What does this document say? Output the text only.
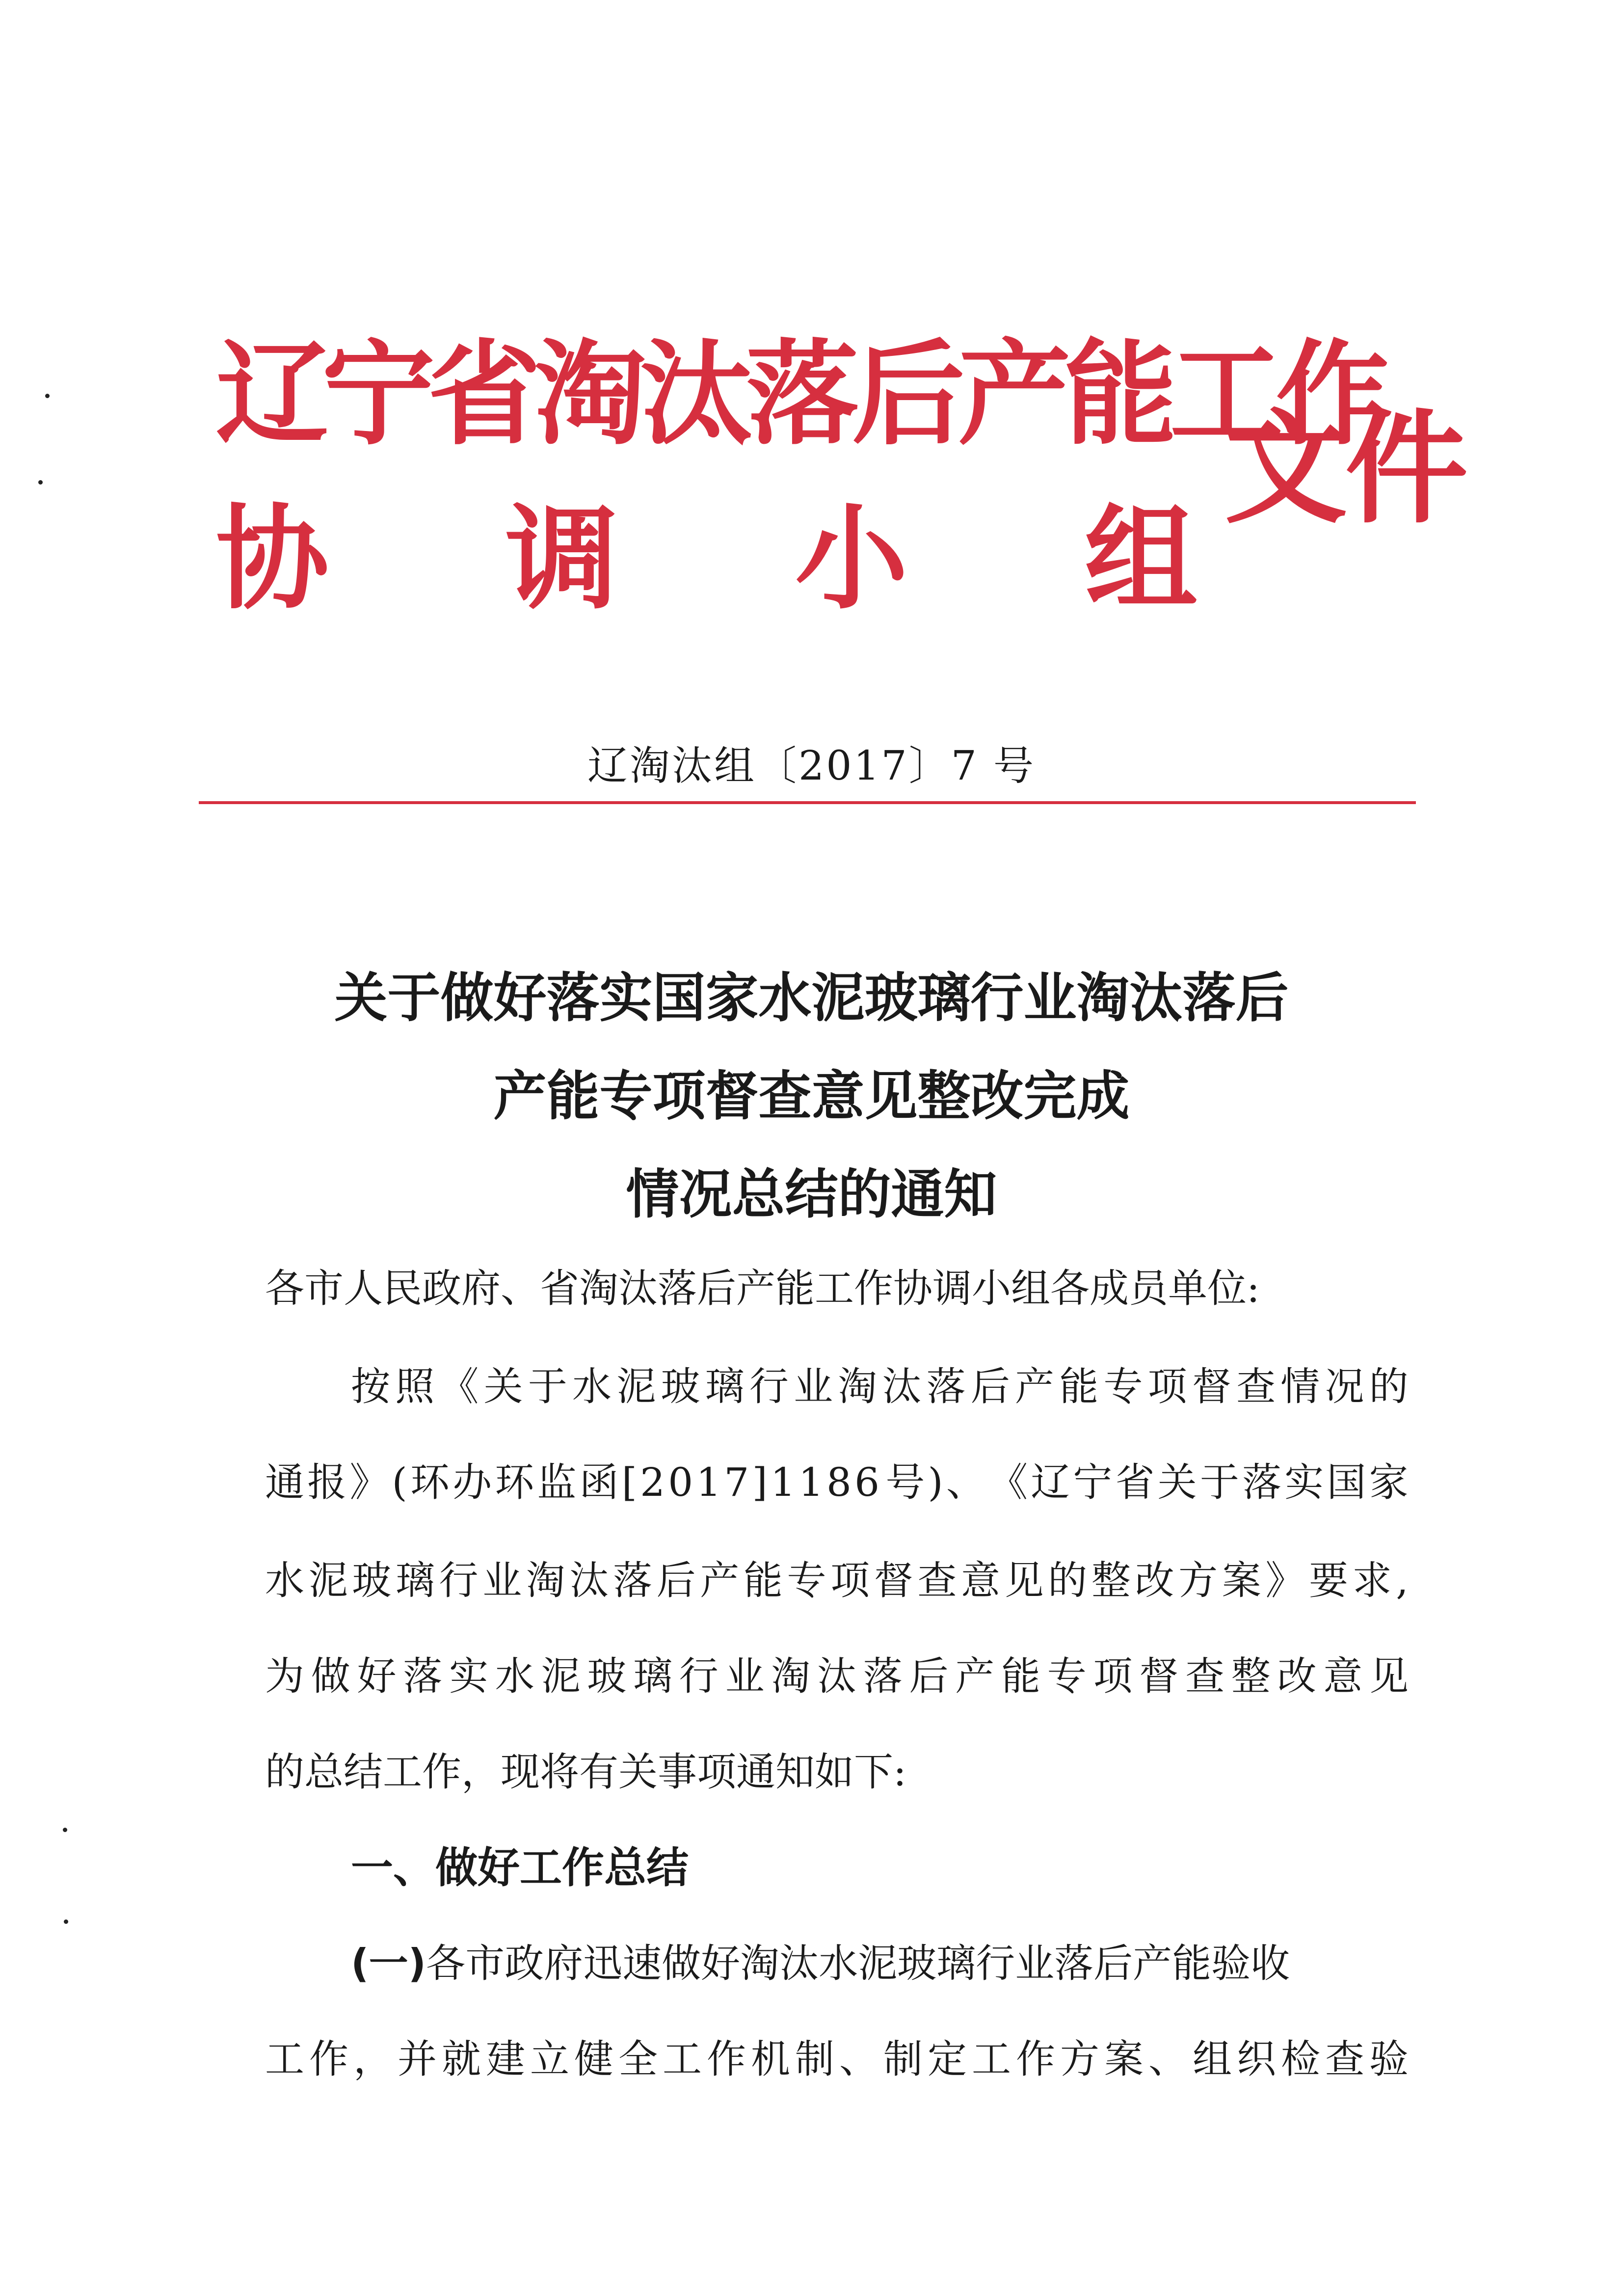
辽宁省淘汰落后产能工作
协 调 小 组
文件
辽淘汰组〔2017〕7 号
关于做好落实国家水泥玻璃行业淘汰落后
产能专项督查意见整改完成
情况总结的通知
各市人民政府、省淘汰落后产能工作协调小组各成员单位:
按 照 《 关 于 水 泥 玻 璃 行 业 淘 汰 落 后 产 能 专 项 督 查 情 况 的
通 报 》 ( 环 办 环 监 函 [ 2 0 1 7 ] 1 1 8 6 号 ) 、 《 辽 宁 省 关 于 落 实 国 家
水 泥 玻 璃 行 业 淘 汰 落 后 产 能 专 项 督 查 意 见 的 整 改 方 案 》 要 求 ,
为 做 好 落 实 水 泥 玻 璃 行 业 淘 汰 落 后 产 能 专 项 督 查 整 改 意 见
的总结工作，现将有关事项通知如下:
一、做好工作总结
(一)各市政府迅速做好淘汰水泥玻璃行业落后产能验收
工 作 ， 并 就 建 立 健 全 工 作 机 制 、 制 定 工 作 方 案 、 组 织 检 查 验
